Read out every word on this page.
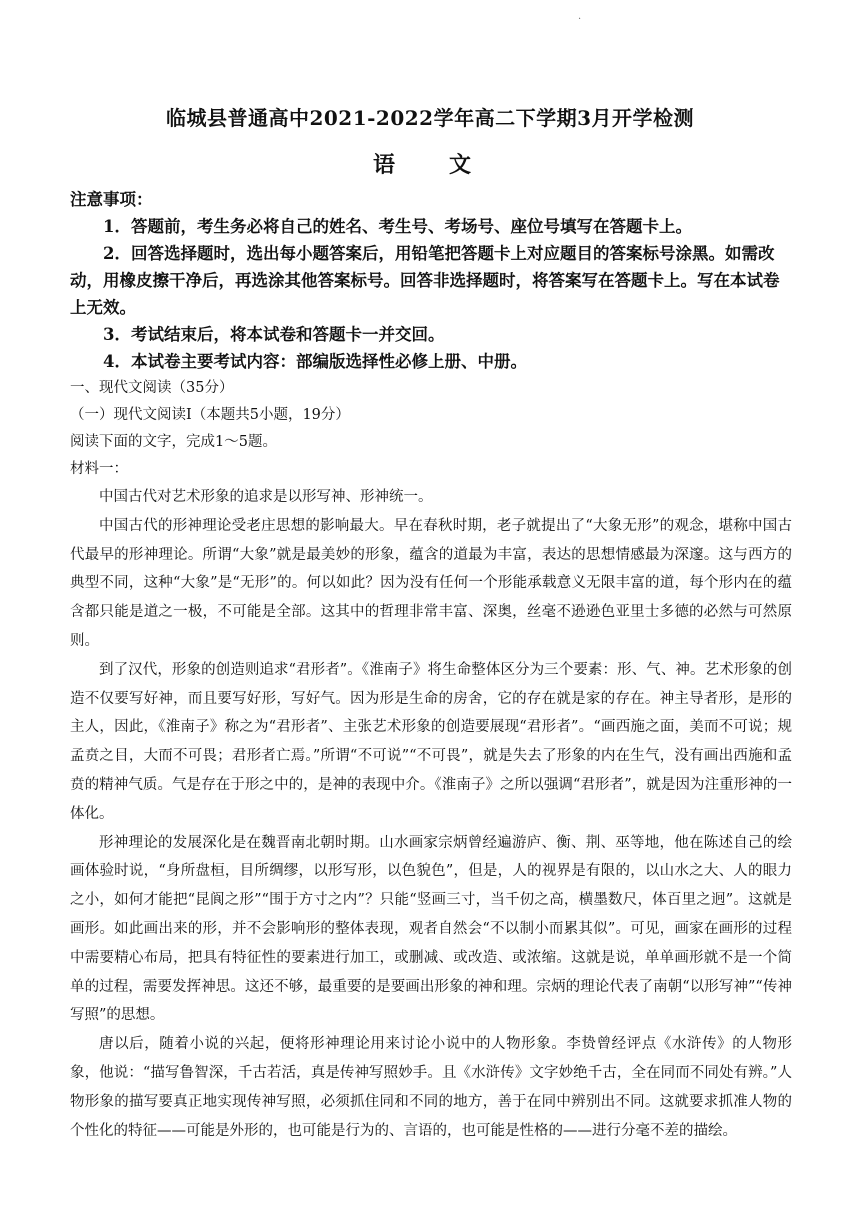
·
临城县普通高中2021-2022学年高二下学期3月开学检测
语　文

注意事项：

1．答题前，考生务必将自己的姓名、考生号、考场号、座位号填写在答题卡上。

2．回答选择题时，选出每小题答案后，用铅笔把答题卡上对应题目的答案标号涂黑。如需改动，用橡皮擦干净后，再选涂其他答案标号。回答非选择题时，将答案写在答题卡上。写在本试卷上无效。

3．考试结束后，将本试卷和答题卡一并交回。

4．本试卷主要考试内容：部编版选择性必修上册、中册。

一、现代文阅读（35分）

（一）现代文阅读Ⅰ（本题共5小题，19分）

阅读下面的文字，完成1～5题。

材料一：

中国古代对艺术形象的追求是以形写神、形神统一。

中国古代的形神理论受老庄思想的影响最大。早在春秋时期，老子就提出了“大象无形”的观念，堪称中国古代最早的形神理论。所谓“大象”就是最美妙的形象，蕴含的道最为丰富，表达的思想情感最为深邃。这与西方的典型不同，这种“大象”是“无形”的。何以如此？因为没有任何一个形能承载意义无限丰富的道，每个形内在的蕴含都只能是道之一极，不可能是全部。这其中的哲理非常丰富、深奥，丝毫不逊逊色亚里士多德的必然与可然原则。

到了汉代，形象的创造则追求“君形者”。《淮南子》将生命整体区分为三个要素：形、气、神。艺术形象的创造不仅要写好神，而且要写好形，写好气。因为形是生命的房舍，它的存在就是家的存在。神主导者形，是形的主人，因此，《淮南子》称之为“君形者”、主张艺术形象的创造要展现“君形者”。“画西施之面，美而不可说；规孟贲之目，大而不可畏；君形者亡焉。”所谓“不可说”“不可畏”，就是失去了形象的内在生气，没有画出西施和孟贲的精神气质。气是存在于形之中的，是神的表现中介。《淮南子》之所以强调“君形者”，就是因为注重形神的一体化。

形神理论的发展深化是在魏晋南北朝时期。山水画家宗炳曾经遍游庐、衡、荆、巫等地，他在陈述自己的绘画体验时说，“身所盘桓，目所绸缪，以形写形，以色貌色”，但是，人的视界是有限的，以山水之大、人的眼力之小，如何才能把“昆阆之形”“围于方寸之内”？只能“竖画三寸，当千仞之高，横墨数尺，体百里之迥”。这就是画形。如此画出来的形，并不会影响形的整体表现，观者自然会“不以制小而累其似”。可见，画家在画形的过程中需要精心布局，把具有特征性的要素进行加工，或删减、或改造、或浓缩。这就是说，单单画形就不是一个简单的过程，需要发挥神思。这还不够，最重要的是要画出形象的神和理。宗炳的理论代表了南朝“以形写神”“传神写照”的思想。

唐以后，随着小说的兴起，便将形神理论用来讨论小说中的人物形象。李贽曾经评点《水浒传》的人物形象，他说：“描写鲁智深，千古若活，真是传神写照妙手。且《水浒传》文字妙绝千古，全在同而不同处有辨。”人物形象的描写要真正地实现传神写照，必须抓住同和不同的地方，善于在同中辨别出不同。这就要求抓准人物的个性化的特征——可能是外形的，也可能是行为的、言语的，也可能是性格的——进行分毫不差的描绘。
